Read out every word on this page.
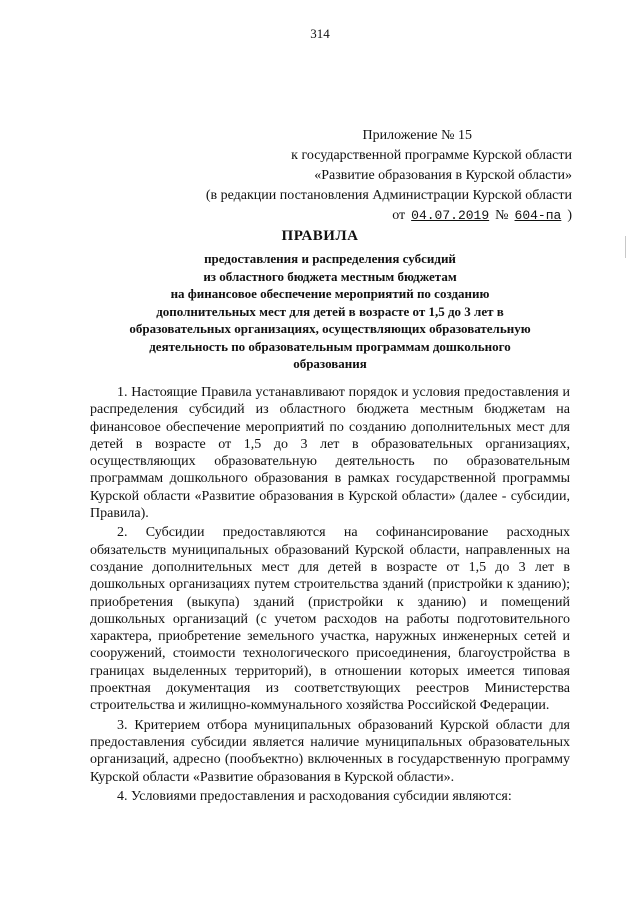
314
Приложение № 15
к государственной программе Курской области
«Развитие образования в Курской области»
(в редакции постановления Администрации Курской области
от 04.07.2019 № 604-па )
ПРАВИЛА
предоставления и распределения субсидий
из областного бюджета местным бюджетам
на финансовое обеспечение мероприятий по созданию
дополнительных мест для детей в возрасте от 1,5 до 3 лет в
образовательных организациях, осуществляющих образовательную
деятельность по образовательным программам дошкольного
образования

1. Настоящие Правила устанавливают порядок и условия предоставления и распределения субсидий из областного бюджета местным бюджетам на финансовое обеспечение мероприятий по созданию дополнительных мест для детей в возрасте от 1,5 до 3 лет в образовательных организациях, осуществляющих образовательную деятельность по образовательным программам дошкольного образования в рамках государственной программы Курской области «Развитие образования в Курской области» (далее - субсидии, Правила).

2. Субсидии предоставляются на софинансирование расходных обязательств муниципальных образований Курской области, направленных на создание дополнительных мест для детей в возрасте от 1,5 до 3 лет в дошкольных организациях путем строительства зданий (пристройки к зданию); приобретения (выкупа) зданий (пристройки к зданию) и помещений дошкольных организаций (с учетом расходов на работы подготовительного характера, приобретение земельного участка, наружных инженерных сетей и сооружений, стоимости технологического присоединения, благоустройства в границах выделенных территорий), в отношении которых имеется типовая проектная документация из соответствующих реестров Министерства строительства и жилищно-коммунального хозяйства Российской Федерации.

3. Критерием отбора муниципальных образований Курской области для предоставления субсидии является наличие муниципальных образовательных организаций, адресно (пообъектно) включенных в государственную программу Курской области «Развитие образования в Курской области».

4. Условиями предоставления и расходования субсидии являются:
